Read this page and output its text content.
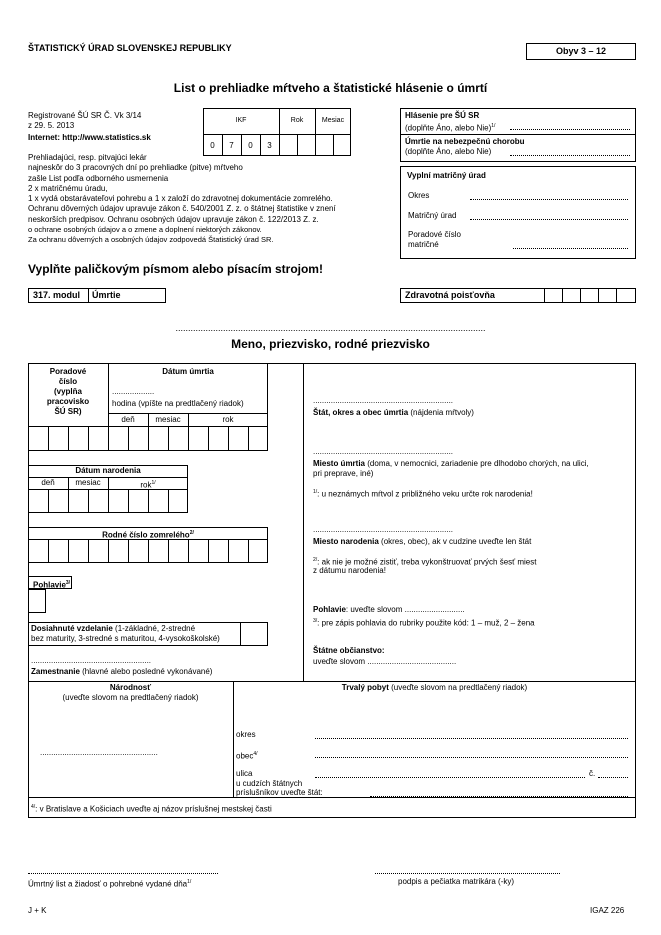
ŠTATISTICKÝ ÚRAD SLOVENSKEJ REPUBLIKY	Obyv 3 – 12
List o prehliadke mŕtveho a štatistické hlásenie o úmrtí
Registrované ŠÚ SR Č. Vk 3/14
z 29. 5. 2013
Internet: http://www.statistics.sk
IKF	Rok	Mesiac
0	7	0	3
Prehliadajúci, resp. pitvajúci lekár
najneskôr do 3 pracovných dní po prehliadke (pitve) mŕtveho
zašle List podľa odborného usmernenia
2 x matričnému úradu,
1 x vydá obstarávateľovi pohrebu a 1 x založí do zdravotnej dokumentácie zomrelého.
Ochranu dôverných údajov upravuje zákon č. 540/2001 Z. z. o štátnej štatistike v znení
neskorších predpisov. Ochranu osobných údajov upravuje zákon č. 122/2013 Z. z.
o ochrane osobných údajov a o zmene a doplnení niektorých zákonov.
Za ochranu dôverných a osobných údajov zodpovedá Štatistický úrad SR.
Hlásenie pre ŠÚ SR
(doplňte Áno, alebo Nie)$^{1/}$
Úmrtie na nebezpečnú chorobu
(doplňte Áno, alebo Nie)
Vyplní matričný úrad
Okres
Matričný úrad
Poradové číslo
matričné
Vyplňte paličkovým písmom alebo písacím strojom!
317. modul Úmrtie	Zdravotná poisťovňa
............................................................................................................................
Meno, priezvisko, rodné priezvisko
Poradové
číslo
(vyplňa
pracovisko
ŠÚ SR)
Dátum úmrtia
...................
hodina (vpíšte na predtlačený riadok)
deň	mesiac	rok
...............................................................
Štát, okres a obec úmrtia (nájdenia mŕtvoly)
Dátum narodenia
deň	mesiac	rok$^{1/}$
...............................................................
Miesto úmrtia (doma, v nemocnici, zariadenie pre dlhodobo chorých, na ulici,
pri preprave, iné)
$^{1/}$: u neznámych mŕtvol z približného veku určte rok narodenia!
Rodné číslo zomrelého$^{2/}$	...............................................................
Miesto narodenia (okres, obec), ak v cudzine uveďte len štát
$^{2/}$: ak nie je možné zistiť, treba vykonštruovať prvých šesť miest
z dátumu narodenia!
Pohlavie$^{3/}$
Pohlavie: uveďte slovom ...........................
$^{3/}$: pre zápis pohlavia do rubriky použite kód: 1 – muž, 2 – žena
Dosiahnuté vzdelanie (1-základné, 2-stredné
bez maturity, 3-stredné s maturitou, 4-vysokoškolské)
Štátne občianstvo:
uveďte slovom ........................................
......................................................
Zamestnanie (hlavné alebo posledné vykonávané)
Národnosť
(uveďte slovom na predtlačený riadok)
.....................................................
Trvalý pobyt (uveďte slovom na predtlačený riadok)
okres
obec$^{4/}$
ulica	č.
u cudzích štátnych
príslušníkov uveďte štát:
$^{4/}$: v Bratislave a Košiciach uveďte aj názov príslušnej mestskej časti
Úmrtný list a žiadosť o pohrebné vydané dňa$^{1/}$	podpis a pečiatka matrikára (-ky)
J + K	IGAZ 226
